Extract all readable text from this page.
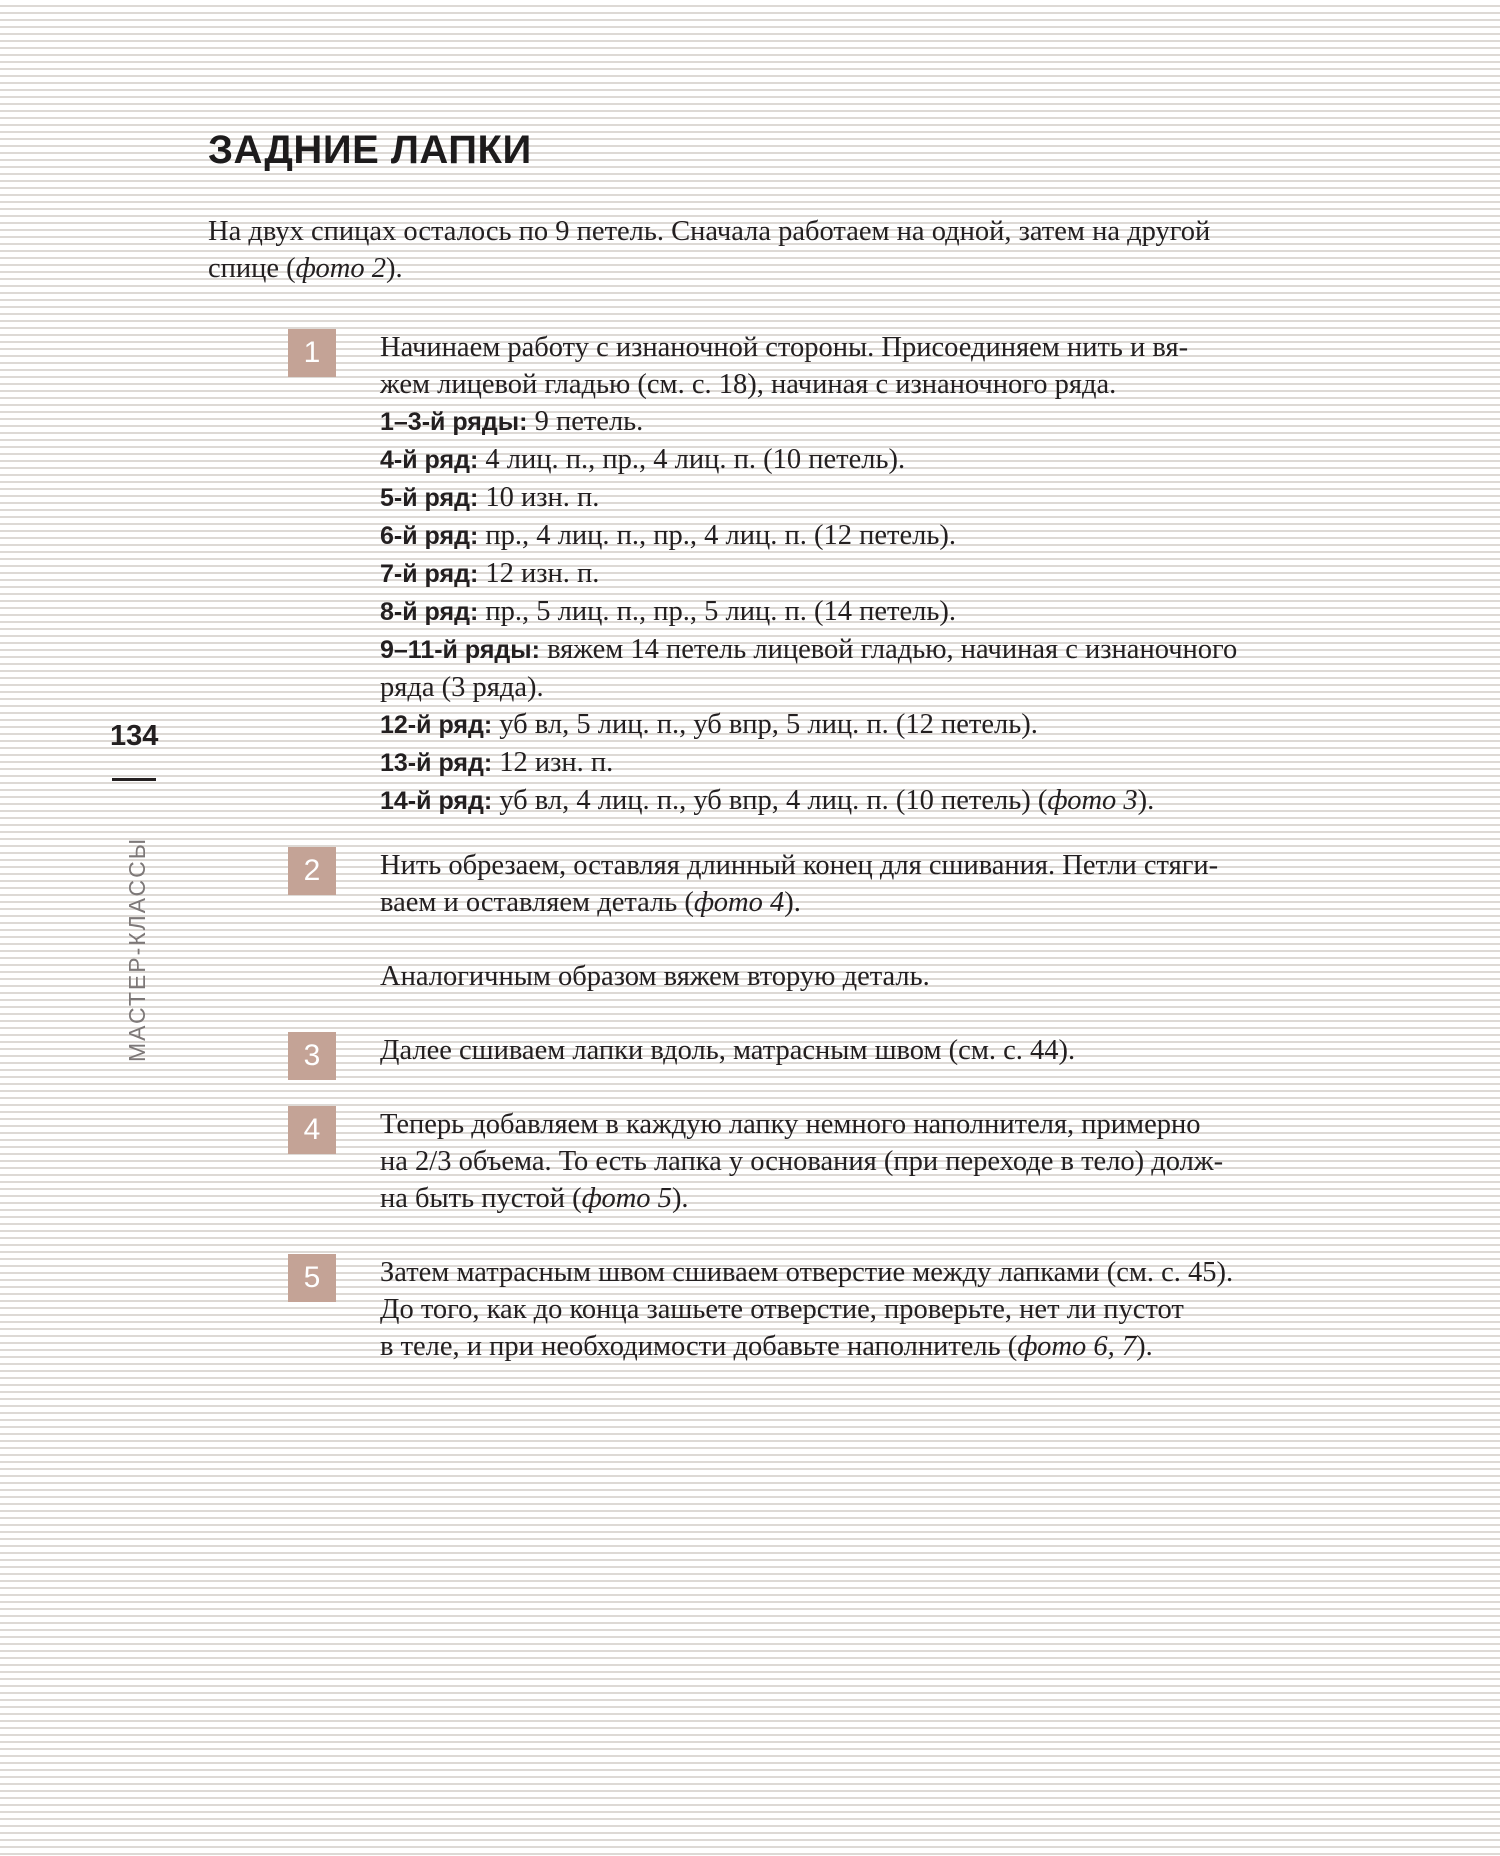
ЗАДНИЕ ЛАПКИ

На двух спицах осталось по 9 петель. Сначала работаем на одной, затем на другой

спице (фото 2).

1	Начинаем работу с изнаночной стороны. Присоединяем нить и вя-
жем лицевой гладью (см. с. 18), начиная с изнаночного ряда.
1–3-й ряды: 9 петель.
4-й ряд: 4 лиц. п., пр., 4 лиц. п. (10 петель).
5-й ряд: 10 изн. п.
6-й ряд: пр., 4 лиц. п., пр., 4 лиц. п. (12 петель).
7-й ряд: 12 изн. п.
8-й ряд: пр., 5 лиц. п., пр., 5 лиц. п. (14 петель).
9–11-й ряды: вяжем 14 петель лицевой гладью, начиная с изнаночного
ряда (3 ряда).
12-й ряд: уб вл, 5 лиц. п., уб впр, 5 лиц. п. (12 петель).
13-й ряд: 12 изн. п.
14-й ряд: уб вл, 4 лиц. п., уб впр, 4 лиц. п. (10 петель) (фото 3).
2	Нить обрезаем, оставляя длинный конец для сшивания. Петли стяги-
ваем и оставляем деталь (фото 4).
Аналогичным образом вяжем вторую деталь.
3	Далее сшиваем лапки вдоль, матрасным швом (см. с. 44).
4	Теперь добавляем в каждую лапку немного наполнителя, примерно
на 2/3 объема. То есть лапка у основания (при переходе в тело) долж-
на быть пустой (фото 5).
5	Затем матрасным швом сшиваем отверстие между лапками (см. с. 45).
До того, как до конца зашьете отверстие, проверьте, нет ли пустот
в теле, и при необходимости добавьте наполнитель (фото 6, 7).
134
МАСТЕР-КЛАССЫ
